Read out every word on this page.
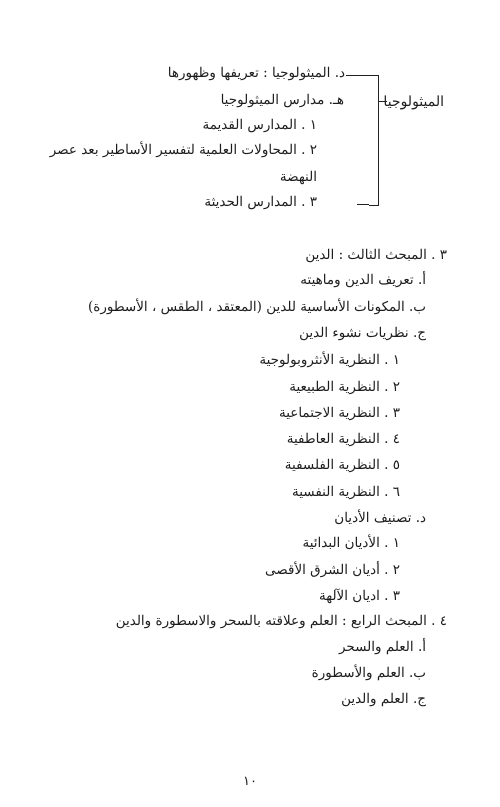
الميثولوجيا
د. الميثولوجيا : تعريفها وظهورها
هـ. مدارس الميثولوجيا
١ . المدارس القديمة
٢ . المحاولات العلمية لتفسير الأساطير بعد عصر
النهضة
٣ . المدارس الحديثة
٣ . المبحث الثالث : الدين
أ. تعريف الدين وماهيته
ب. المكونات الأساسية للدين (المعتقد ، الطقس ، الأسطورة)
ج. نظريات نشوء الدين
١ . النظرية الأنثروبولوجية
٢ . النظرية الطبيعية
٣ . النظرية الاجتماعية
٤ . النظرية العاطفية
٥ . النظرية الفلسفية
٦ . النظرية النفسية
د. تصنيف الأديان
١ . الأديان البدائية
٢ . أديان الشرق الأقصى
٣ . اديان الآلهة
٤ . المبحث الرابع : العلم وعلاقته بالسحر والاسطورة والدين
أ. العلم والسحر
ب. العلم والأسطورة
ج. العلم والدين
١٠
